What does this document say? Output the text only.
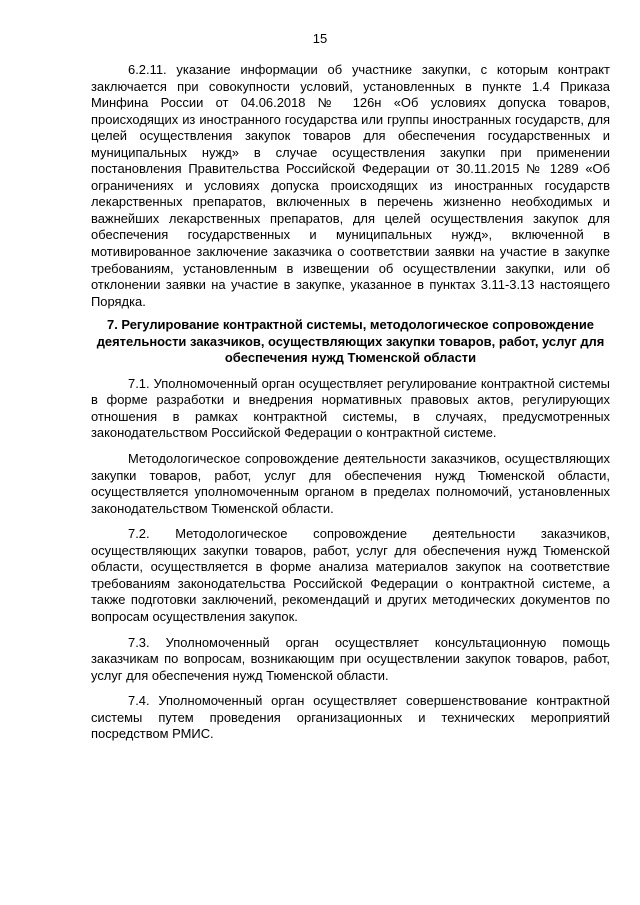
15

6.2.11. указание информации об участнике закупки, с которым контракт заключается при совокупности условий, установленных в пункте 1.4 Приказа Минфина России от 04.06.2018 № 126н «Об условиях допуска товаров, происходящих из иностранного государства или группы иностранных государств, для целей осуществления закупок товаров для обеспечения государственных и муниципальных нужд» в случае осуществления закупки при применении постановления Правительства Российской Федерации от 30.11.2015 № 1289 «Об ограничениях и условиях допуска происходящих из иностранных государств лекарственных препаратов, включенных в перечень жизненно необходимых и важнейших лекарственных препаратов, для целей осуществления закупок для обеспечения государственных и муниципальных нужд», включенной в мотивированное заключение заказчика о соответствии заявки на участие в закупке требованиям, установленным в извещении об осуществлении закупки, или об отклонении заявки на участие в закупке, указанное в пунктах 3.11-3.13 настоящего Порядка.

7. Регулирование контрактной системы, методологическое сопровождение деятельности заказчиков, осуществляющих закупки товаров, работ, услуг для обеспечения нужд Тюменской области

7.1. Уполномоченный орган осуществляет регулирование контрактной системы в форме разработки и внедрения нормативных правовых актов, регулирующих отношения в рамках контрактной системы, в случаях, предусмотренных законодательством Российской Федерации о контрактной системе.

Методологическое сопровождение деятельности заказчиков, осуществляющих закупки товаров, работ, услуг для обеспечения нужд Тюменской области, осуществляется уполномоченным органом в пределах полномочий, установленных законодательством Тюменской области.

7.2. Методологическое сопровождение деятельности заказчиков, осуществляющих закупки товаров, работ, услуг для обеспечения нужд Тюменской области, осуществляется в форме анализа материалов закупок на соответствие требованиям законодательства Российской Федерации о контрактной системе, а также подготовки заключений, рекомендаций и других методических документов по вопросам осуществления закупок.

7.3. Уполномоченный орган осуществляет консультационную помощь заказчикам по вопросам, возникающим при осуществлении закупок товаров, работ, услуг для обеспечения нужд Тюменской области.

7.4. Уполномоченный орган осуществляет совершенствование контрактной системы путем проведения организационных и технических мероприятий посредством РМИС.
